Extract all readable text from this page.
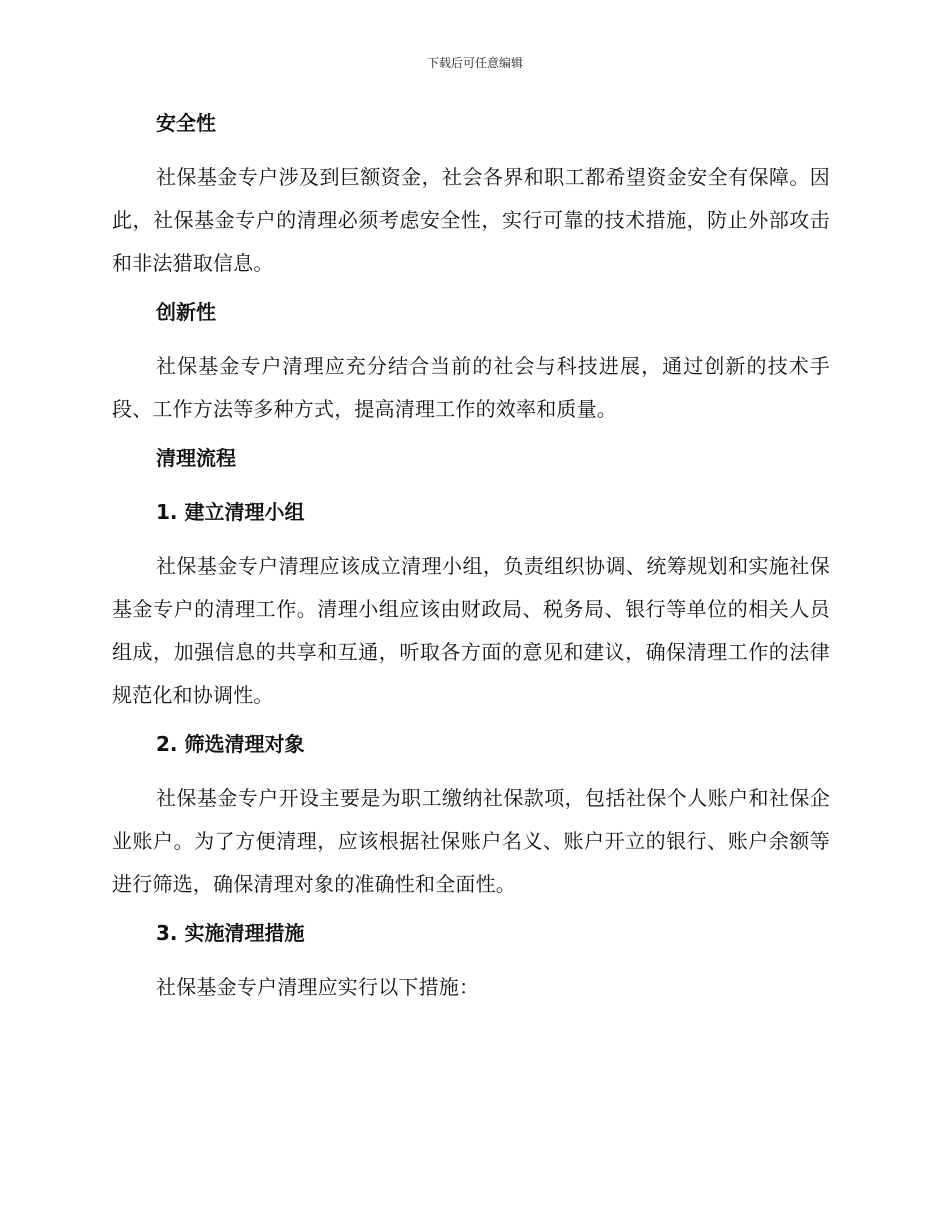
下载后可任意编辑
安全性
社保基金专户涉及到巨额资金，社会各界和职工都希望资金安全有保障。因此，社保基金专户的清理必须考虑安全性，实行可靠的技术措施，防止外部攻击和非法猎取信息。
创新性
社保基金专户清理应充分结合当前的社会与科技进展，通过创新的技术手段、工作方法等多种方式，提高清理工作的效率和质量。
清理流程
1. 建立清理小组
社保基金专户清理应该成立清理小组，负责组织协调、统筹规划和实施社保基金专户的清理工作。清理小组应该由财政局、税务局、银行等单位的相关人员组成，加强信息的共享和互通，听取各方面的意见和建议，确保清理工作的法律规范化和协调性。
2. 筛选清理对象
社保基金专户开设主要是为职工缴纳社保款项，包括社保个人账户和社保企业账户。为了方便清理，应该根据社保账户名义、账户开立的银行、账户余额等进行筛选，确保清理对象的准确性和全面性。
3. 实施清理措施
社保基金专户清理应实行以下措施：
